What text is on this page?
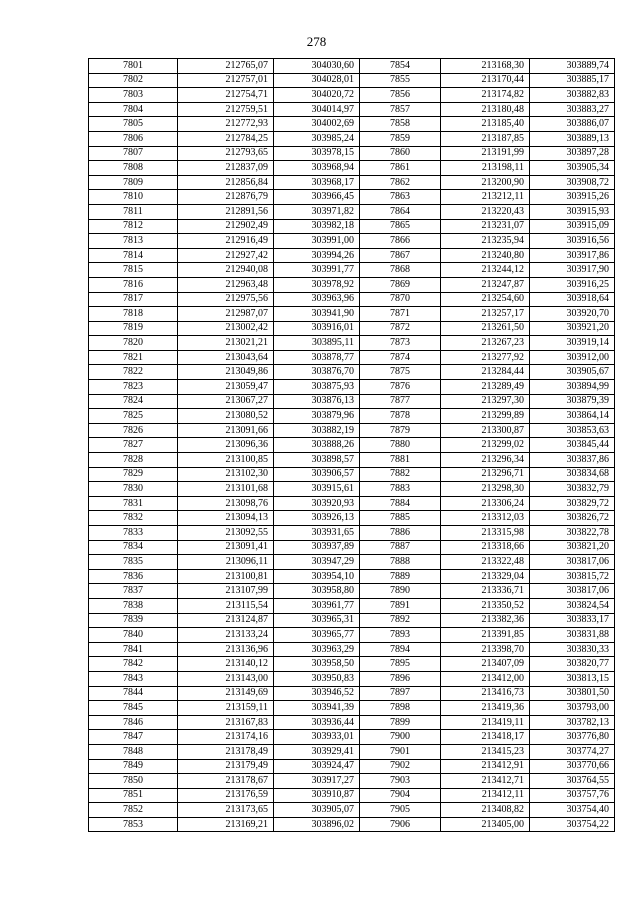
278
7801	212765,07	304030,60	7854	213168,30	303889,74
7802	212757,01	304028,01	7855	213170,44	303885,17
7803	212754,71	304020,72	7856	213174,82	303882,83
7804	212759,51	304014,97	7857	213180,48	303883,27
7805	212772,93	304002,69	7858	213185,40	303886,07
7806	212784,25	303985,24	7859	213187,85	303889,13
7807	212793,65	303978,15	7860	213191,99	303897,28
7808	212837,09	303968,94	7861	213198,11	303905,34
7809	212856,84	303968,17	7862	213200,90	303908,72
7810	212876,79	303966,45	7863	213212,11	303915,26
7811	212891,56	303971,82	7864	213220,43	303915,93
7812	212902,49	303982,18	7865	213231,07	303915,09
7813	212916,49	303991,00	7866	213235,94	303916,56
7814	212927,42	303994,26	7867	213240,80	303917,86
7815	212940,08	303991,77	7868	213244,12	303917,90
7816	212963,48	303978,92	7869	213247,87	303916,25
7817	212975,56	303963,96	7870	213254,60	303918,64
7818	212987,07	303941,90	7871	213257,17	303920,70
7819	213002,42	303916,01	7872	213261,50	303921,20
7820	213021,21	303895,11	7873	213267,23	303919,14
7821	213043,64	303878,77	7874	213277,92	303912,00
7822	213049,86	303876,70	7875	213284,44	303905,67
7823	213059,47	303875,93	7876	213289,49	303894,99
7824	213067,27	303876,13	7877	213297,30	303879,39
7825	213080,52	303879,96	7878	213299,89	303864,14
7826	213091,66	303882,19	7879	213300,87	303853,63
7827	213096,36	303888,26	7880	213299,02	303845,44
7828	213100,85	303898,57	7881	213296,34	303837,86
7829	213102,30	303906,57	7882	213296,71	303834,68
7830	213101,68	303915,61	7883	213298,30	303832,79
7831	213098,76	303920,93	7884	213306,24	303829,72
7832	213094,13	303926,13	7885	213312,03	303826,72
7833	213092,55	303931,65	7886	213315,98	303822,78
7834	213091,41	303937,89	7887	213318,66	303821,20
7835	213096,11	303947,29	7888	213322,48	303817,06
7836	213100,81	303954,10	7889	213329,04	303815,72
7837	213107,99	303958,80	7890	213336,71	303817,06
7838	213115,54	303961,77	7891	213350,52	303824,54
7839	213124,87	303965,31	7892	213382,36	303833,17
7840	213133,24	303965,77	7893	213391,85	303831,88
7841	213136,96	303963,29	7894	213398,70	303830,33
7842	213140,12	303958,50	7895	213407,09	303820,77
7843	213143,00	303950,83	7896	213412,00	303813,15
7844	213149,69	303946,52	7897	213416,73	303801,50
7845	213159,11	303941,39	7898	213419,36	303793,00
7846	213167,83	303936,44	7899	213419,11	303782,13
7847	213174,16	303933,01	7900	213418,17	303776,80
7848	213178,49	303929,41	7901	213415,23	303774,27
7849	213179,49	303924,47	7902	213412,91	303770,66
7850	213178,67	303917,27	7903	213412,71	303764,55
7851	213176,59	303910,87	7904	213412,11	303757,76
7852	213173,65	303905,07	7905	213408,82	303754,40
7853	213169,21	303896,02	7906	213405,00	303754,22
